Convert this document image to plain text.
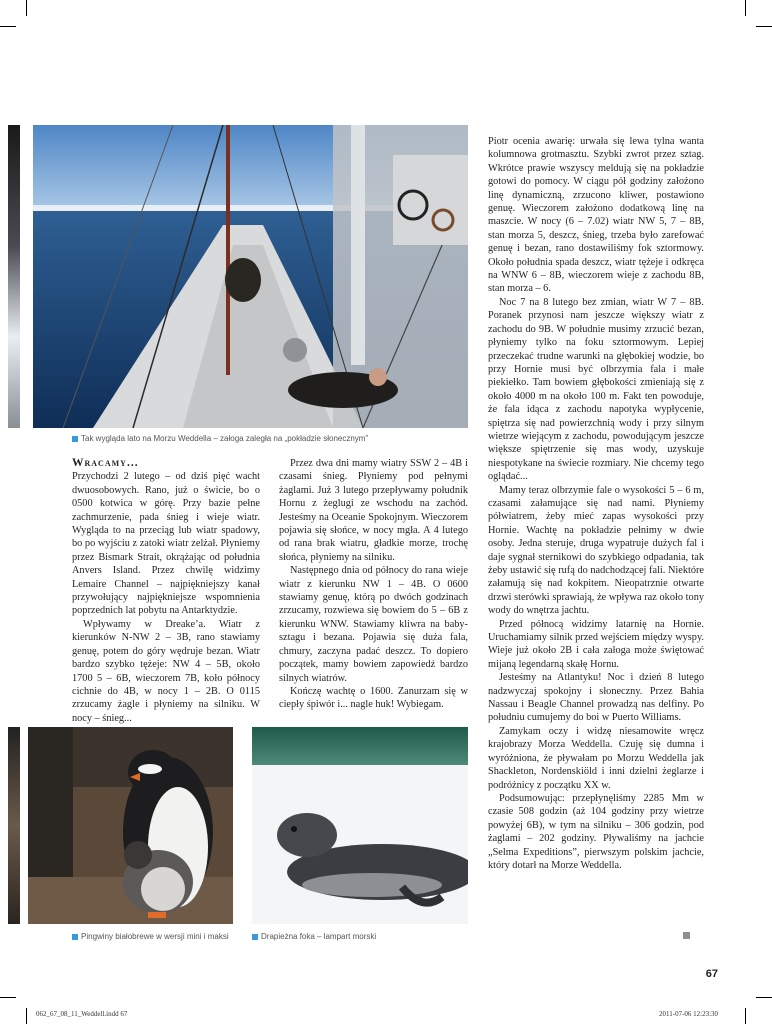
Tak wygląda lato na Morzu Weddella – załoga zaległa na „pokładzie słonecznym”

Wracamy...

Przychodzi 2 lutego – od dziś pięć wacht dwuosobowych. Rano, już o świcie, bo o 0500 kotwica w górę. Przy bazie pełne zachmurzenie, pada śnieg i wieje wiatr. Wygląda to na przeciąg lub wiatr spadowy, bo po wyjściu z zatoki wiatr zelżał. Płyniemy przez Bismark Strait, okrążając od południa Anvers Island. Przez chwilę widzimy Lemaire Channel – najpiękniejszy kanał przywołujący najpiękniejsze wspomnienia poprzednich lat pobytu na Antarktydzie.

Wpływamy w Dreake’a. Wiatr z kierunków N-NW 2 – 3B, rano stawiamy genuę, potem do góry wędruje bezan. Wiatr bardzo szybko tężeje: NW 4 – 5B, około 1700 5 – 6B, wieczorem 7B, koło północy cichnie do 4B, w nocy 1 – 2B. O 0115 zrzucamy żagle i płyniemy na silniku. W nocy – śnieg...

Przez dwa dni mamy wiatry SSW 2 – 4B i czasami śnieg. Płyniemy pod pełnymi żaglami. Już 3 lutego przepływamy południk Hornu z żeglugi ze wschodu na zachód. Jesteśmy na Oceanie Spokojnym. Wieczorem pojawia się słońce, w nocy mgła. A 4 lutego od rana brak wiatru, gładkie morze, trochę słońca, płyniemy na silniku.

Następnego dnia od północy do rana wieje wiatr z kierunku NW 1 – 4B. O 0600 stawiamy genuę, którą po dwóch godzinach zrzucamy, rozwiewa się bowiem do 5 – 6B z kierunku WNW. Stawiamy kliwra na baby-sztagu i bezana. Pojawia się duża fala, chmury, zaczyna padać deszcz. To dopiero początek, mamy bowiem zapowiedź bardzo silnych wiatrów.

Kończę wachtę o 1600. Zanurzam się w ciepły śpiwór i... nagle huk! Wybiegam.

Piotr ocenia awarię: urwała się lewa tylna wanta kolumnowa grotmasztu. Szybki zwrot przez sztag. Wkrótce prawie wszyscy meldują się na pokładzie gotowi do pomocy. W ciągu pół godziny założono linę dynamiczną, zrzucono kliwer, postawiono genuę. Wieczorem założono dodatkową linę na maszcie. W nocy (6 – 7.02) wiatr NW 5, 7 – 8B, stan morza 5, deszcz, śnieg, trzeba było zarefować genuę i bezan, rano dostawiliśmy fok sztormowy. Około południa spada deszcz, wiatr tężeje i odkręca na WNW 6 – 8B, wieczorem wieje z zachodu 8B, stan morza – 6.

Noc 7 na 8 lutego bez zmian, wiatr W 7 – 8B. Poranek przynosi nam jeszcze większy wiatr z zachodu do 9B. W południe musimy zrzucić bezan, płyniemy tylko na foku sztormowym. Lepiej przeczekać trudne warunki na głębokiej wodzie, bo przy Hornie musi być olbrzymia fala i małe piekiełko. Tam bowiem głębokości zmieniają się z około 4000 m na około 100 m. Fakt ten powoduje, że fala idąca z zachodu napotyka wypłycenie, spiętrza się nad powierzchnią wody i przy silnym wietrze wiejącym z zachodu, powodującym jeszcze większe spiętrzenie się mas wody, uzyskuje niespotykane na świecie rozmiary. Nie chcemy tego oglądać...

Mamy teraz olbrzymie fale o wysokości 5 – 6 m, czasami załamujące się nad nami. Płyniemy półwiatrem, żeby mieć zapas wysokości przy Hornie. Wachtę na pokładzie pełnimy w dwie osoby. Jedna steruje, druga wypatruje dużych fal i daje sygnał sternikowi do szybkiego odpadania, tak żeby ustawić się rufą do nadchodzącej fali. Niektóre załamują się nad kokpitem. Nieopatrznie otwarte drzwi sterówki sprawiają, że wpływa raz około tony wody do wnętrza jachtu.

Przed północą widzimy latarnię na Hornie. Uruchamiamy silnik przed wejściem między wyspy. Wieje już około 2B i cała załoga może świętować mijaną legendarną skałę Hornu.

Jesteśmy na Atlantyku! Noc i dzień 8 lutego nadzwyczaj spokojny i słoneczny. Przez Bahia Nassau i Beagle Channel prowadzą nas delfiny. Po południu cumujemy do boi w Puerto Williams.

Zamykam oczy i widzę niesamowite wręcz krajobrazy Morza Weddella. Czuję się dumna i wyróżniona, że pływałam po Morzu Weddella jak Shackleton, Nordenskiöld i inni dzielni żeglarze i podróżnicy z początku XX w.

Podsumowując: przepłynęliśmy 2285 Mm w czasie 508 godzin (aż 104 godziny przy wietrze powyżej 6B), w tym na silniku – 306 godzin, pod żaglami – 202 godziny. Pływaliśmy na jachcie „Selma Expeditions”, pierwszym polskim jachcie, który dotarł na Morze Weddella.

Pingwiny białobrewe w wersji mini i maksi	Drapieżna foka – lampart morski
67
062_67_08_11_Weddell.indd 67	2011-07-06 12:23:30
